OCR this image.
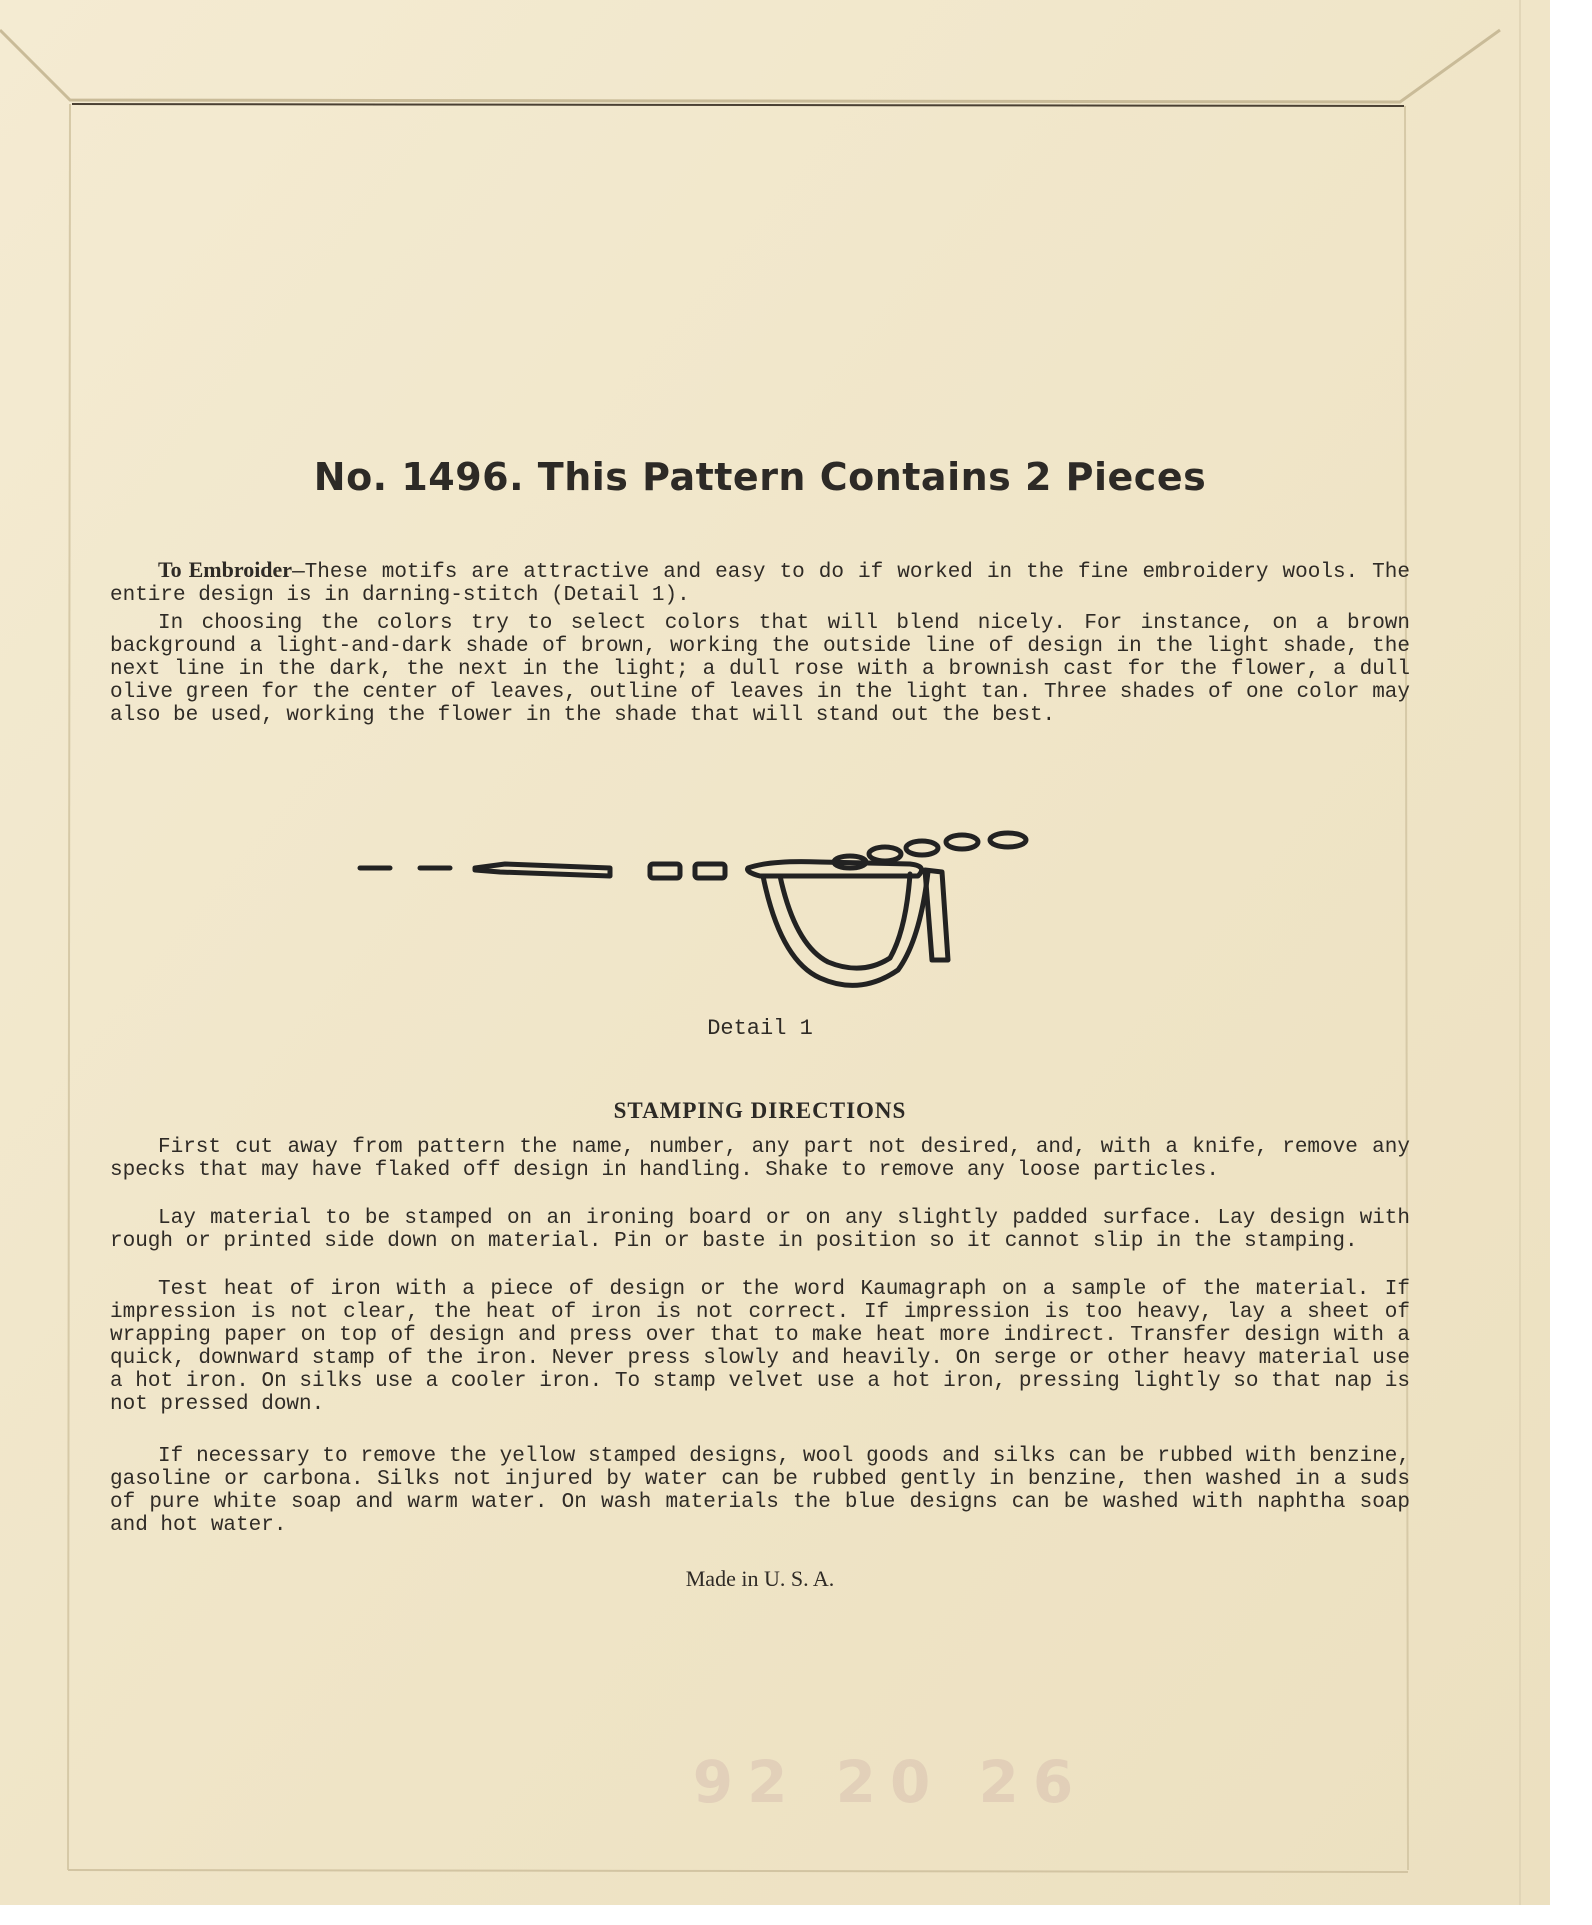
No. 1496. This Pattern Contains 2 Pieces

To Embroider—These motifs are attractive and easy to do if worked in the fine embroidery wools. The entire design is in darning-stitch (Detail 1).

In choosing the colors try to select colors that will blend nicely. For instance, on a brown background a light-and-dark shade of brown, working the outside line of design in the light shade, the next line in the dark, the next in the light; a dull rose with a brownish cast for the flower, a dull olive green for the center of leaves, outline of leaves in the light tan. Three shades of one color may also be used, working the flower in the shade that will stand out the best.

Detail 1
STAMPING DIRECTIONS

First cut away from pattern the name, number, any part not desired, and, with a knife, remove any specks that may have flaked off design in handling. Shake to remove any loose particles.

Lay material to be stamped on an ironing board or on any slightly padded surface. Lay design with rough or printed side down on material. Pin or baste in position so it cannot slip in the stamping.

Test heat of iron with a piece of design or the word Kaumagraph on a sample of the material. If impression is not clear, the heat of iron is not correct. If impression is too heavy, lay a sheet of wrapping paper on top of design and press over that to make heat more indirect. Transfer design with a quick, downward stamp of the iron. Never press slowly and heavily. On serge or other heavy material use a hot iron. On silks use a cooler iron. To stamp velvet use a hot iron, pressing lightly so that nap is not pressed down.

If necessary to remove the yellow stamped designs, wool goods and silks can be rubbed with benzine, gasoline or carbona. Silks not injured by water can be rubbed gently in benzine, then washed in a suds of pure white soap and warm water. On wash materials the blue designs can be washed with naphtha soap and hot water.

Made in U. S. A.
92 20 26
